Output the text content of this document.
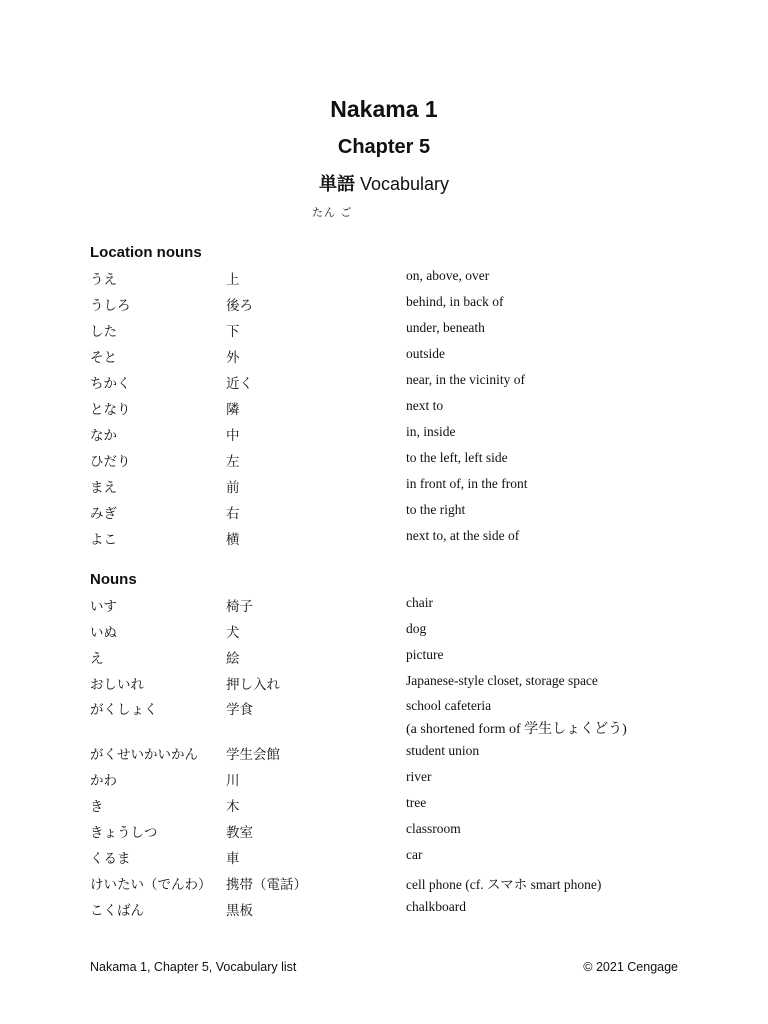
Nakama 1
Chapter 5
単語 Vocabulary
たん ご
Location nouns
うえ	上	on, above, over
うしろ	後ろ	behind, in back of
した	下	under, beneath
そと	外	outside
ちかく	近く	near, in the vicinity of
となり	隣	next to
なか	中	in, inside
ひだり	左	to the left, left side
まえ	前	in front of, in the front
みぎ	右	to the right
よこ	横	next to, at the side of
Nouns
いす	椅子	chair
いぬ	犬	dog
え	絵	picture
おしいれ	押し入れ	Japanese-style closet, storage space
がくしょく	学食	school cafeteria
(a shortened form of 学生しょくどう)
がくせいかいかん 学生会館	student union
かわ	川	river
き	木	tree
きょうしつ	教室	classroom
くるま	車	car
けいたい（でんわ） 携帯（電話）	cell phone (cf. スマホ smart phone)
こくばん	黒板	chalkboard
Nakama 1, Chapter 5, Vocabulary list	© 2021 Cengage
